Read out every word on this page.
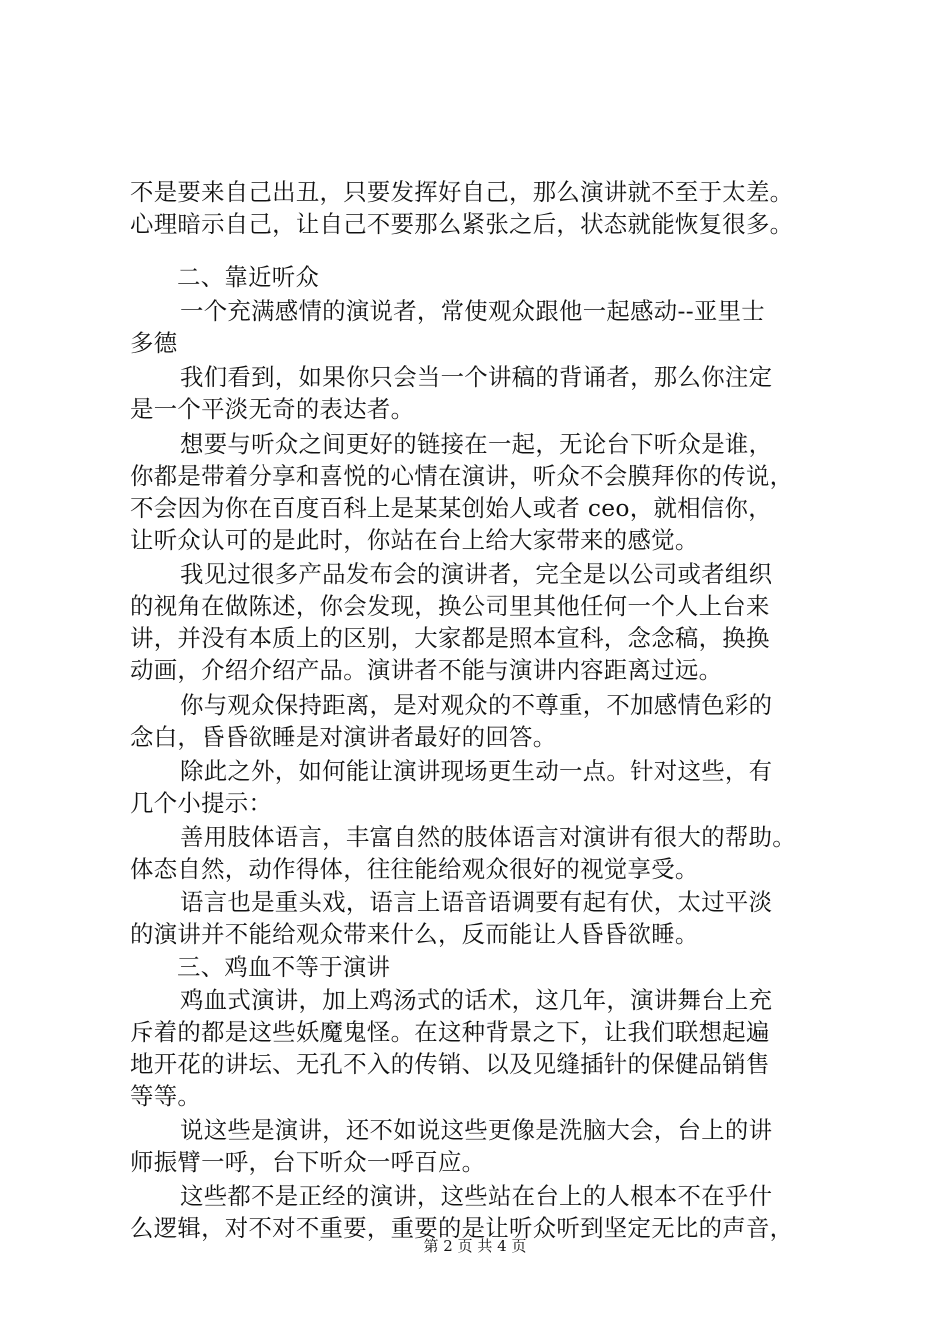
不是要来自己出丑，只要发挥好自己，那么演讲就不至于太差。
心理暗示自己，让自己不要那么紧张之后，状态就能恢复很多。
二、靠近听众
一个充满感情的演说者，常使观众跟他一起感动--亚里士
多德
我们看到，如果你只会当一个讲稿的背诵者，那么你注定
是一个平淡无奇的表达者。
想要与听众之间更好的链接在一起，无论台下听众是谁，
你都是带着分享和喜悦的心情在演讲，听众不会膜拜你的传说，
不会因为你在百度百科上是某某创始人或者 ceo，就相信你，
让听众认可的是此时，你站在台上给大家带来的感觉。
我见过很多产品发布会的演讲者，完全是以公司或者组织
的视角在做陈述，你会发现，换公司里其他任何一个人上台来
讲，并没有本质上的区别，大家都是照本宣科，念念稿，换换
动画，介绍介绍产品。演讲者不能与演讲内容距离过远。
你与观众保持距离，是对观众的不尊重，不加感情色彩的
念白，昏昏欲睡是对演讲者最好的回答。
除此之外，如何能让演讲现场更生动一点。针对这些，有
几个小提示：
善用肢体语言，丰富自然的肢体语言对演讲有很大的帮助。
体态自然，动作得体，往往能给观众很好的视觉享受。
语言也是重头戏，语言上语音语调要有起有伏，太过平淡
的演讲并不能给观众带来什么，反而能让人昏昏欲睡。
三、鸡血不等于演讲
鸡血式演讲，加上鸡汤式的话术，这几年，演讲舞台上充
斥着的都是这些妖魔鬼怪。在这种背景之下，让我们联想起遍
地开花的讲坛、无孔不入的传销、以及见缝插针的保健品销售
等等。
说这些是演讲，还不如说这些更像是洗脑大会，台上的讲
师振臂一呼，台下听众一呼百应。
这些都不是正经的演讲，这些站在台上的人根本不在乎什
么逻辑，对不对不重要，重要的是让听众听到坚定无比的声音，
第 2 页 共 4 页
